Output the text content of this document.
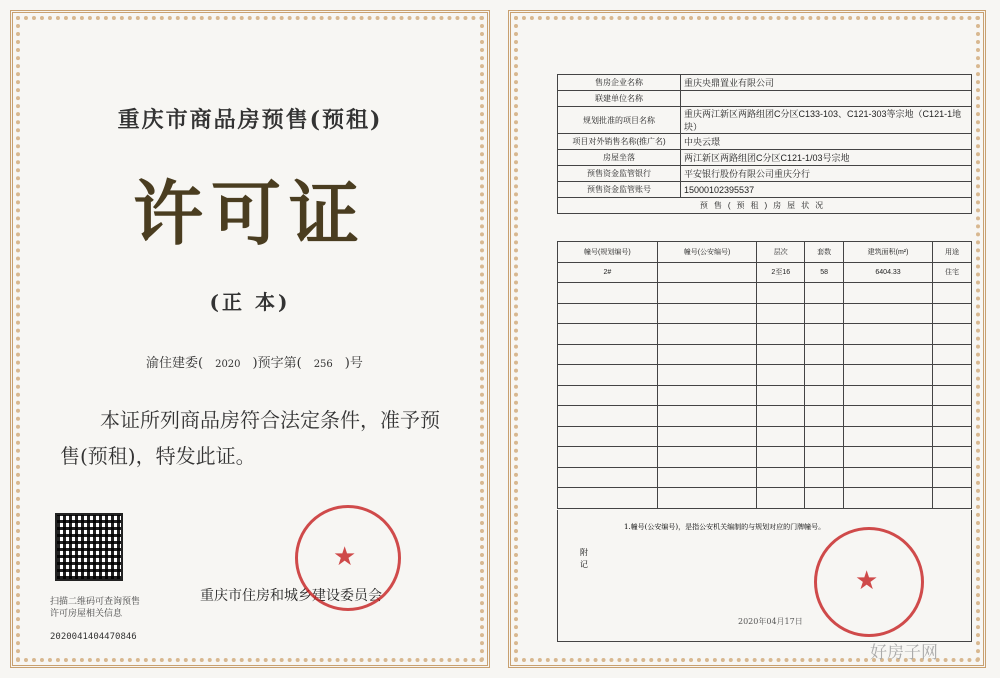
重庆市商品房预售(预租)
许可证
(正 本)
渝住建委( 2020 )预字第( 256 )号
本证所列商品房符合法定条件，准予预售(预租)，特发此证。
扫描二维码可查询预售许可房屋相关信息
2020041404470846
重庆市住房和城乡建设委员会
★
售房企业名称	重庆央鼎置业有限公司
联建单位名称	
规划批准的项目名称	重庆两江新区两路组团C分区C133-103、C121-303等宗地（C121-1地块）
项目对外销售名称(推广名)	中央云璟
房屋坐落	两江新区两路组团C分区C121-1/03号宗地
预售资金监管银行	平安银行股份有限公司重庆分行
预售资金监管账号	15000102395537
预售(预租)房屋状况	
幢号(规划编号)	幢号(公安编号)	层次	套数	建筑面积(m²)	用途
2#		2至16	58	6404.33	住宅

附记
1.幢号(公安编号)，是指公安机关编制的与规划对应的门牌幢号。
2020年04月17日
★
好房子网
